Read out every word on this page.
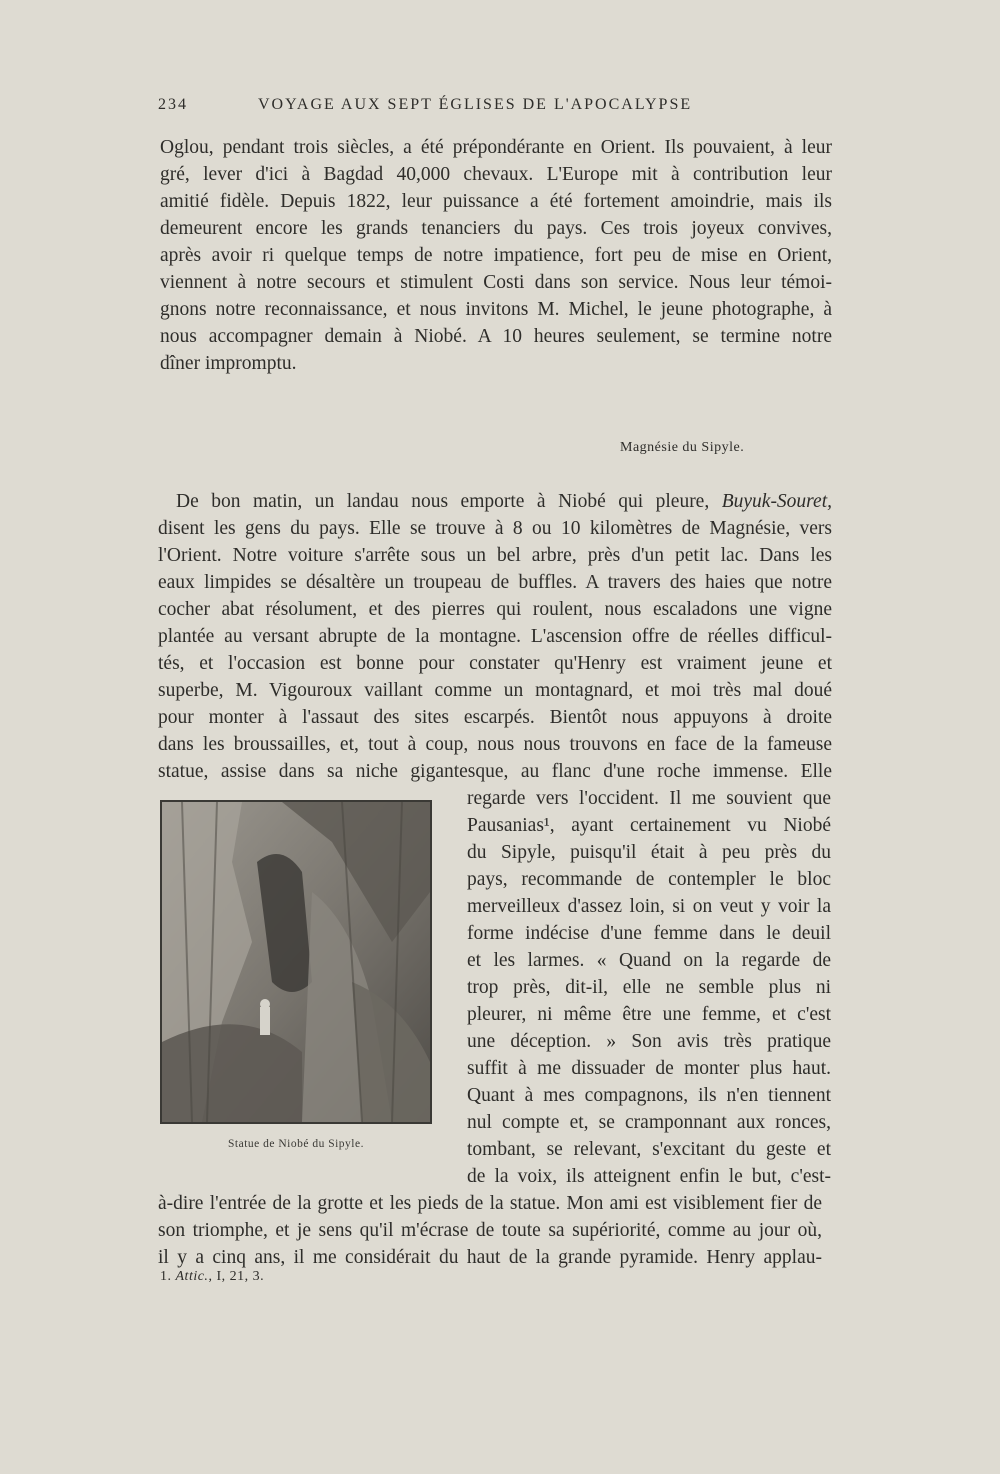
234	VOYAGE AUX SEPT ÉGLISES DE L'APOCALYPSE
Oglou, pendant trois siècles, a été prépondérante en Orient. Ils pouvaient, à leur
gré, lever d'ici à Bagdad 40,000 chevaux. L'Europe mit à contribution leur
amitié fidèle. Depuis 1822, leur puissance a été fortement amoindrie, mais ils
demeurent encore les grands tenanciers du pays. Ces trois joyeux convives,
après avoir ri quelque temps de notre impatience, fort peu de mise en Orient,
viennent à notre secours et stimulent Costi dans son service. Nous leur témoi-
gnons notre reconnaissance, et nous invitons M. Michel, le jeune photographe, à
nous accompagner demain à Niobé. A 10 heures seulement, se termine notre
dîner impromptu.
Magnésie du Sipyle.
De bon matin, un landau nous emporte à Niobé qui pleure, Buyuk-Souret,
disent les gens du pays. Elle se trouve à 8 ou 10 kilomètres de Magnésie, vers
l'Orient. Notre voiture s'arrête sous un bel arbre, près d'un petit lac. Dans les
eaux limpides se désaltère un troupeau de buffles. A travers des haies que notre
cocher abat résolument, et des pierres qui roulent, nous escaladons une vigne
plantée au versant abrupte de la montagne. L'ascension offre de réelles difficul-
tés, et l'occasion est bonne pour constater qu'Henry est vraiment jeune et
superbe, M. Vigouroux vaillant comme un montagnard, et moi très mal doué
pour monter à l'assaut des sites escarpés. Bientôt nous appuyons à droite
dans les broussailles, et, tout à coup, nous nous trouvons en face de la fameuse
statue, assise dans sa niche gigantesque, au flanc d'une roche immense. Elle
regarde vers l'occident. Il me souvient que
Pausanias¹, ayant certainement vu Niobé
du Sipyle, puisqu'il était à peu près du
pays, recommande de contempler le bloc
merveilleux d'assez loin, si on veut y voir la
forme indécise d'une femme dans le deuil
et les larmes. « Quand on la regarde de
trop près, dit-il, elle ne semble plus ni
pleurer, ni même être une femme, et c'est
une déception. » Son avis très pratique
suffit à me dissuader de monter plus haut.
Quant à mes compagnons, ils n'en tiennent
nul compte et, se cramponnant aux ronces,
tombant, se relevant, s'excitant du geste et
de la voix, ils atteignent enfin le but, c'est-
à-dire l'entrée de la grotte et les pieds de la statue. Mon ami est visiblement fier de
son triomphe, et je sens qu'il m'écrase de toute sa supériorité, comme au jour où,
il y a cinq ans, il me considérait du haut de la grande pyramide. Henry applau-
Statue de Niobé du Sipyle.
1. Attic., I, 21, 3.
